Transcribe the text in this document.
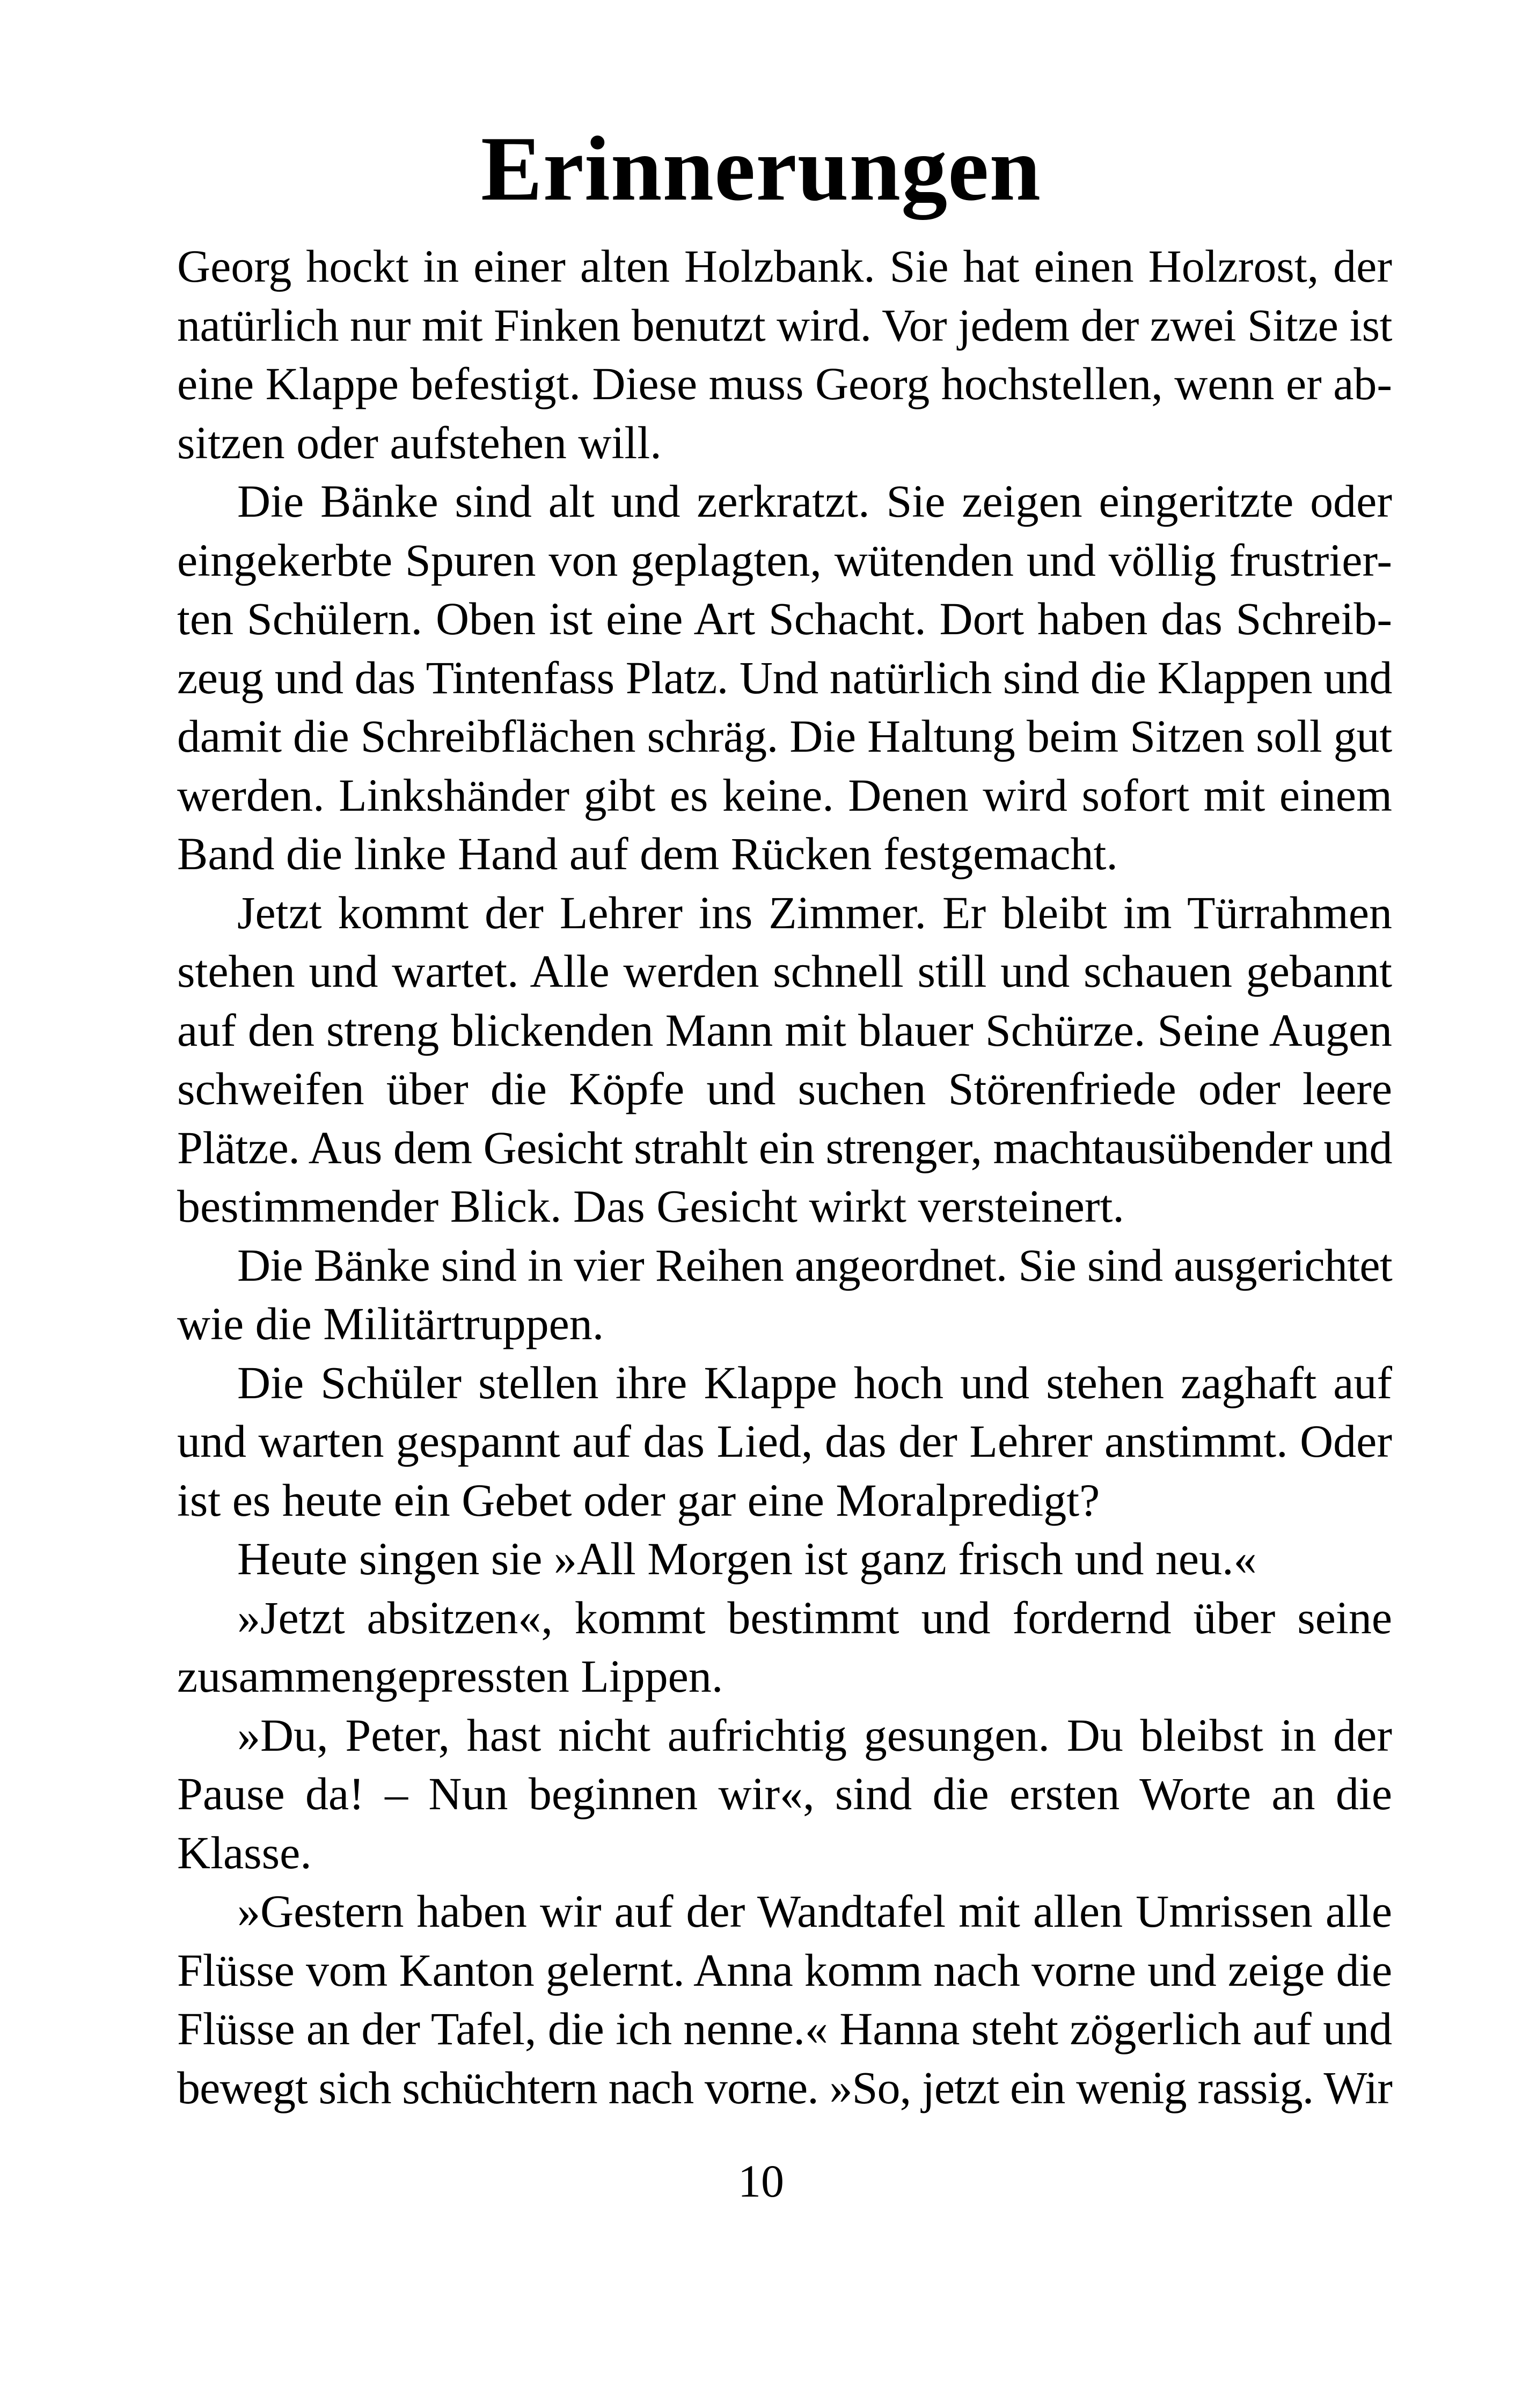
Erinnerungen
Georg hockt in einer alten Holzbank. Sie hat einen Holzrost, der
natürlich nur mit Finken benutzt wird. Vor jedem der zwei Sitze ist
eine Klappe befestigt. Diese muss Georg hochstellen, wenn er ab-
sitzen oder aufstehen will.
Die Bänke sind alt und zerkratzt. Sie zeigen eingeritzte oder
eingekerbte Spuren von geplagten, wütenden und völlig frustrier-
ten Schülern. Oben ist eine Art Schacht. Dort haben das Schreib-
zeug und das Tintenfass Platz. Und natürlich sind die Klappen und
damit die Schreibflächen schräg. Die Haltung beim Sitzen soll gut
werden. Linkshänder gibt es keine. Denen wird sofort mit einem
Band die linke Hand auf dem Rücken festgemacht.
Jetzt kommt der Lehrer ins Zimmer. Er bleibt im Türrahmen
stehen und wartet. Alle werden schnell still und schauen gebannt
auf den streng blickenden Mann mit blauer Schürze. Seine Augen
schweifen über die Köpfe und suchen Störenfriede oder leere
Plätze. Aus dem Gesicht strahlt ein strenger, machtausübender und
bestimmender Blick. Das Gesicht wirkt versteinert.
Die Bänke sind in vier Reihen angeordnet. Sie sind ausgerichtet
wie die Militärtruppen.
Die Schüler stellen ihre Klappe hoch und stehen zaghaft auf
und warten gespannt auf das Lied, das der Lehrer anstimmt. Oder
ist es heute ein Gebet oder gar eine Moralpredigt?
Heute singen sie »All Morgen ist ganz frisch und neu.«
»Jetzt absitzen«, kommt bestimmt und fordernd über seine
zusammengepressten Lippen.
»Du, Peter, hast nicht aufrichtig gesungen. Du bleibst in der
Pause da! – Nun beginnen wir«, sind die ersten Worte an die
Klasse.
»Gestern haben wir auf der Wandtafel mit allen Umrissen alle
Flüsse vom Kanton gelernt. Anna komm nach vorne und zeige die
Flüsse an der Tafel, die ich nenne.« Hanna steht zögerlich auf und
bewegt sich schüchtern nach vorne. »So, jetzt ein wenig rassig. Wir
10
